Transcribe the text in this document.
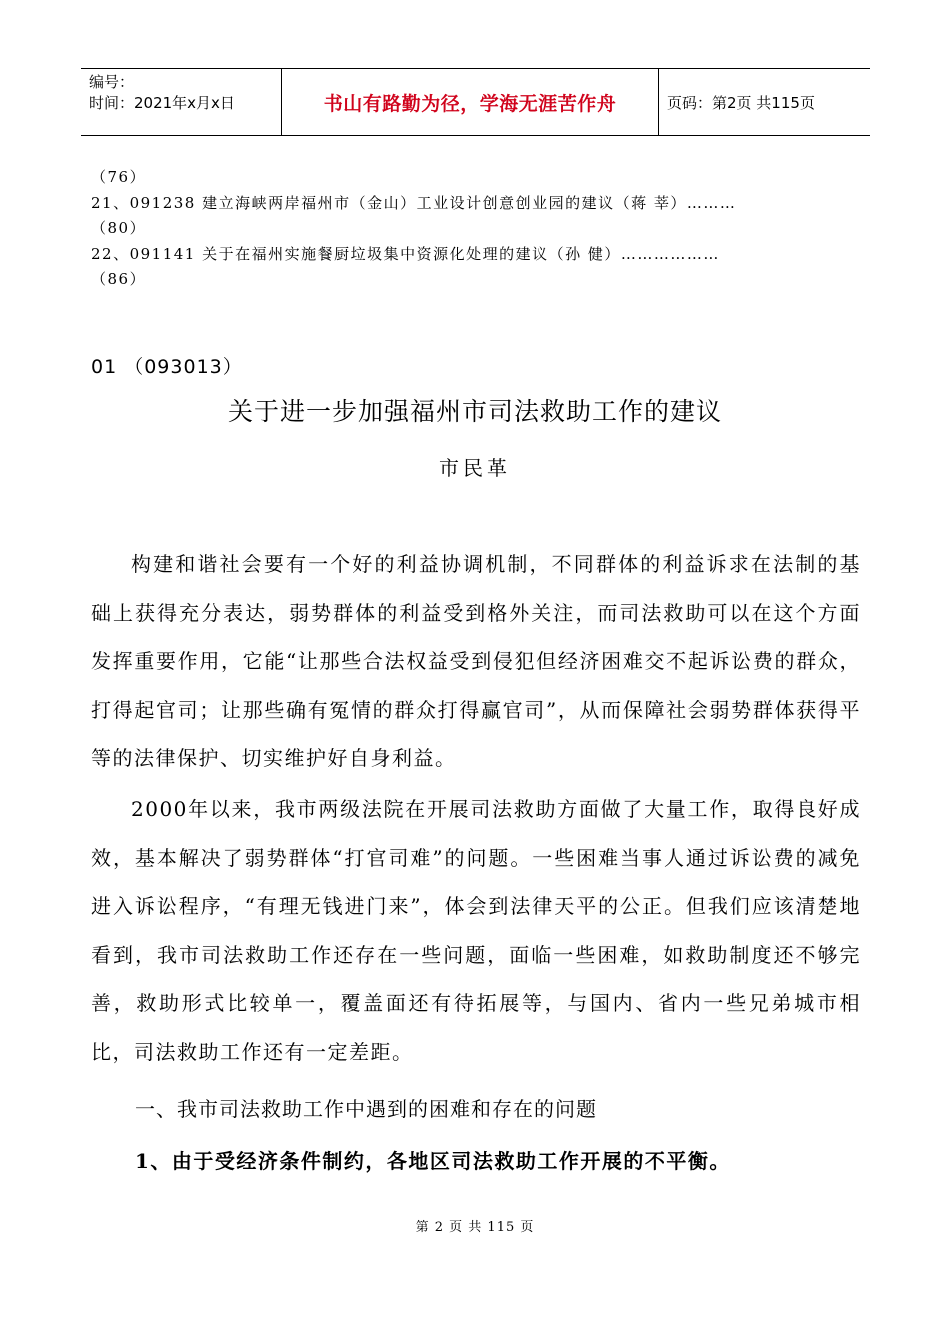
编号：
时间：2021年x月x日	书山有路勤为径，学海无涯苦作舟	页码：第2页 共115页
（76）
21、091238 建立海峡两岸福州市（金山）工业设计创意创业园的建议（蒋 莘）………
（80）
22、091141 关于在福州实施餐厨垃圾集中资源化处理的建议（孙 健）………………
（86）
01 （093013）
关于进一步加强福州市司法救助工作的建议
市民革

构建和谐社会要有一个好的利益协调机制，不同群体的利益诉求在法制的基础上获得充分表达，弱势群体的利益受到格外关注，而司法救助可以在这个方面发挥重要作用，它能“让那些合法权益受到侵犯但经济困难交不起诉讼费的群众，打得起官司；让那些确有冤情的群众打得赢官司”，从而保障社会弱势群体获得平等的法律保护、切实维护好自身利益。

2000年以来，我市两级法院在开展司法救助方面做了大量工作，取得良好成效，基本解决了弱势群体“打官司难”的问题。一些困难当事人通过诉讼费的减免进入诉讼程序，“有理无钱进门来”，体会到法律天平的公正。但我们应该清楚地看到，我市司法救助工作还存在一些问题，面临一些困难，如救助制度还不够完善，救助形式比较单一，覆盖面还有待拓展等，与国内、省内一些兄弟城市相比，司法救助工作还有一定差距。

一、我市司法救助工作中遇到的困难和存在的问题
1、由于受经济条件制约，各地区司法救助工作开展的不平衡。
第 2 页 共 115 页
